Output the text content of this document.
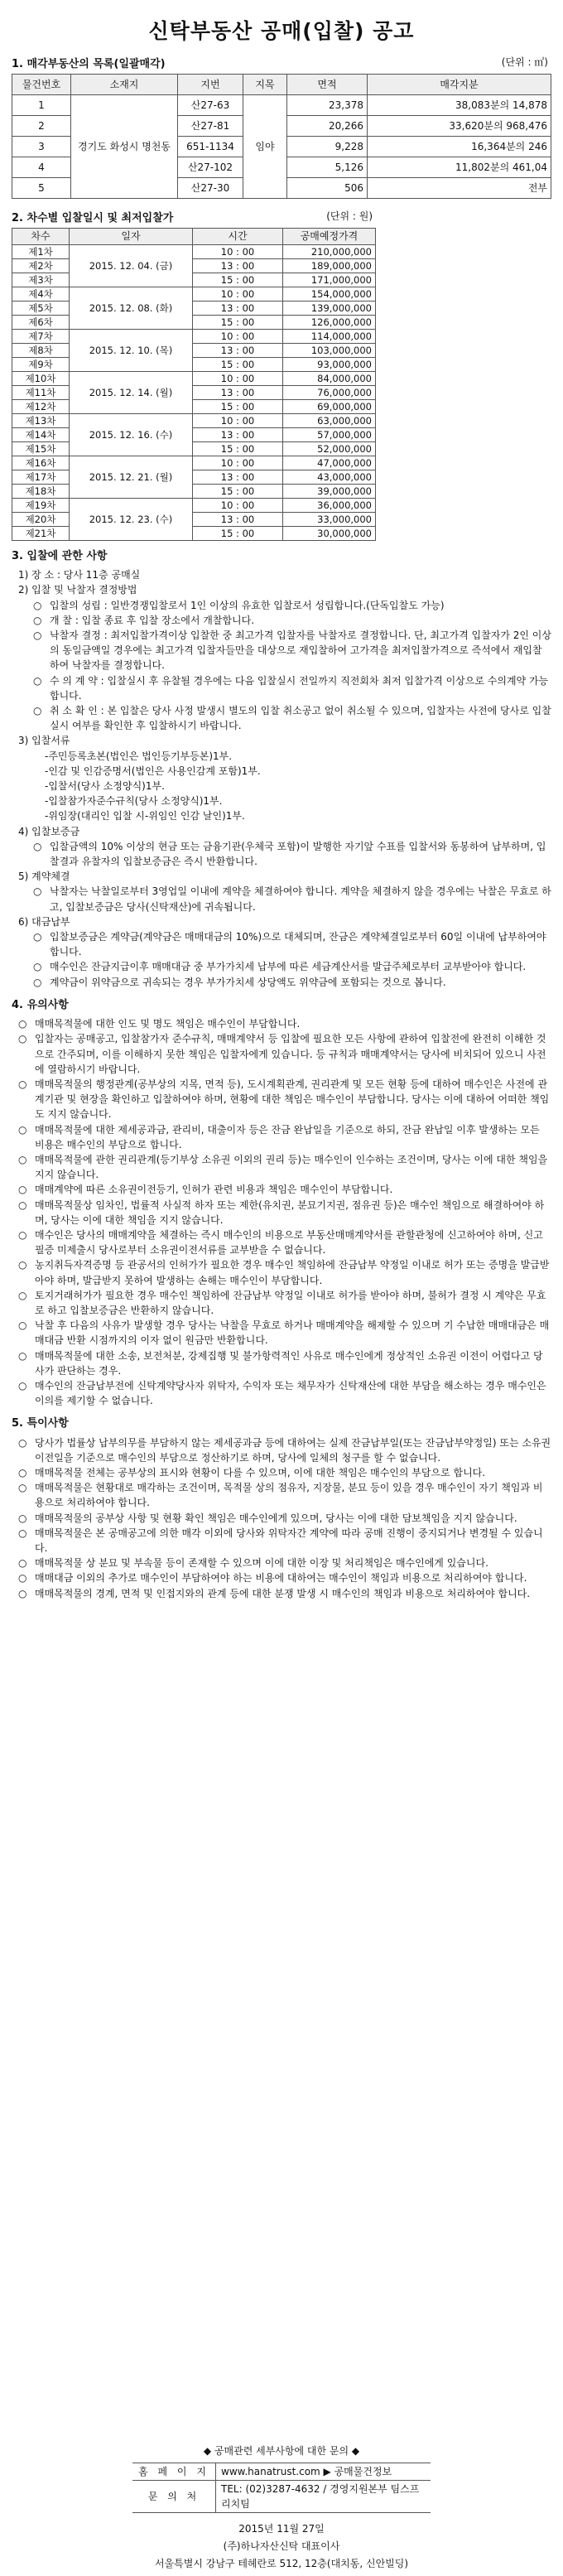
신탁부동산 공매(입찰) 공고
1. 매각부동산의 목록(일괄매각)	(단위 : ㎡)
물건번호	소재지	지번	지목	면적	매각지분
1	경기도 화성시 명천동	산27-63	임야	23,378	38,083분의 14,878
2		산27-81		20,266	33,620분의 968,476
3		651-1134		9,228	16,364분의 246
4		산27-102		5,126	11,802분의 461,04
5		산27-30		506	전부
2. 차수별 입찰일시 및 최저입찰가	(단위 : 원)
차수	일자	시간	공매예정가격
제1차	2015. 12. 04. (금)	10 : 00	210,000,000
제2차		13 : 00	189,000,000
제3차		15 : 00	171,000,000
제4차	2015. 12. 08. (화)	10 : 00	154,000,000
제5차		13 : 00	139,000,000
제6차		15 : 00	126,000,000
제7차	2015. 12. 10. (목)	10 : 00	114,000,000
제8차		13 : 00	103,000,000
제9차		15 : 00	93,000,000
제10차	2015. 12. 14. (월)	10 : 00	84,000,000
제11차		13 : 00	76,000,000
제12차		15 : 00	69,000,000
제13차	2015. 12. 16. (수)	10 : 00	63,000,000
제14차		13 : 00	57,000,000
제15차		15 : 00	52,000,000
제16차	2015. 12. 21. (월)	10 : 00	47,000,000
제17차		13 : 00	43,000,000
제18차		15 : 00	39,000,000
제19차	2015. 12. 23. (수)	10 : 00	36,000,000
제20차		13 : 00	33,000,000
제21차		15 : 00	30,000,000
3. 입찰에 관한 사항
1) 장 소 : 당사 11층 공매실
2) 입찰 및 낙찰자 결정방법
○ 입찰의 성립 : 일반경쟁입찰로서 1인 이상의 유효한 입찰로서 성립합니다.(단독입찰도 가능)
○ 개 찰 : 입찰 종료 후 입찰 장소에서 개찰합니다.
○ 낙찰자 결정 : 최저입찰가격이상 입찰한 중 최고가격 입찰자를 낙찰자로 결정합니다. 단, 최고가격 입찰자가 2인 이상의 동일금액일 경우에는 최고가격 입찰자들만을 대상으로 재입찰하여 고가격을 최저입찰가격으로 즉석에서 재입찰하여 낙찰자를 결정합니다.
○ 수 의 계 약 : 입찰실시 후 유찰될 경우에는 다음 입찰실시 전일까지 직전회차 최저 입찰가격 이상으로 수의계약 가능합니다.
○ 취 소 확 인 : 본 입찰은 당사 사정 발생시 별도의 입찰 취소공고 없이 취소될 수 있으며, 입찰자는 사전에 당사로 입찰 실시 여부를 확인한 후 입찰하시기 바랍니다.
3) 입찰서류
- 주민등록초본(법인은 법인등기부등본) 1부.
- 인감 및 인감증명서(법인은 사용인감계 포함) 1부.
- 입찰서(당사 소정양식) 1부.
- 입찰참가자준수규칙(당사 소정양식) 1부.
- 위임장(대리인 입찰 시-위임인 인감 날인) 1부.
4) 입찰보증금
○ 입찰금액의 10% 이상의 현금 또는 금융기관(우체국 포함)이 발행한 자기앞 수표를 입찰서와 동봉하여 납부하며, 입찰결과 유찰자의 입찰보증금은 즉시 반환합니다.
5) 계약체결
○ 낙찰자는 낙찰일로부터 3영업일 이내에 계약을 체결하여야 합니다. 계약을 체결하지 않을 경우에는 낙찰은 무효로 하고, 입찰보증금은 당사(신탁재산)에 귀속됩니다.
6) 대금납부
○ 입찰보증금은 계약금(계약금은 매매대금의 10%)으로 대체되며, 잔금은 계약체결일로부터 60일 이내에 납부하여야 합니다.
○ 매수인은 잔금지급이후 매매대금 중 부가가치세 납부에 따른 세금계산서를 발급주체로부터 교부받아야 합니다.
○ 계약금이 위약금으로 귀속되는 경우 부가가치세 상당액도 위약금에 포함되는 것으로 봅니다.
4. 유의사항
○ 매매목적물에 대한 인도 및 명도 책임은 매수인이 부담합니다.
○ 입찰자는 공매공고, 입찰참가자 준수규칙, 매매계약서 등 입찰에 필요한 모든 사항에 관하여 입찰전에 완전히 이해한 것으로 간주되며, 이를 이해하지 못한 책임은 입찰자에게 있습니다. 등 규칙과 매매계약서는 당사에 비치되어 있으니 사전에 열람하시기 바랍니다.
○ 매매목적물의 행정관계(공부상의 지목, 면적 등), 도시계획관계, 권리관계 및 모든 현황 등에 대하여 매수인은 사전에 관계기관 및 현장을 확인하고 입찰하여야 하며, 현황에 대한 책임은 매수인이 부담합니다. 당사는 이에 대하여 어떠한 책임도 지지 않습니다.
○ 매매목적물에 대한 제세공과금, 관리비, 대출이자 등은 잔금 완납일을 기준으로 하되, 잔금 완납일 이후 발생하는 모든 비용은 매수인의 부담으로 합니다.
○ 매매목적물에 관한 권리관계(등기부상 소유권 이외의 권리 등)는 매수인이 인수하는 조건이며, 당사는 이에 대한 책임을 지지 않습니다.
○ 매매계약에 따른 소유권이전등기, 인허가 관련 비용과 책임은 매수인이 부담합니다.
○ 매매목적물상 임차인, 법률적 사실적 하자 또는 제한(유치권, 분묘기지권, 점유권 등)은 매수인 책임으로 해결하여야 하며, 당사는 이에 대한 책임을 지지 않습니다.
○ 매수인은 당사의 매매계약을 체결하는 즉시 매수인의 비용으로 부동산매매계약서를 관할관청에 신고하여야 하며, 신고필증 미제출시 당사로부터 소유권이전서류를 교부받을 수 없습니다.
○ 농지취득자격증명 등 관공서의 인허가가 필요한 경우 매수인 책임하에 잔금납부 약정일 이내로 허가 또는 증명을 발급받아야 하며, 발급받지 못하여 발생하는 손해는 매수인이 부담합니다.
○ 토지거래허가가 필요한 경우 매수인 책임하에 잔금납부 약정일 이내로 허가를 받아야 하며, 불허가 결정 시 계약은 무효로 하고 입찰보증금은 반환하지 않습니다.
○ 낙찰 후 다음의 사유가 발생할 경우 당사는 낙찰을 무효로 하거나 매매계약을 해제할 수 있으며 기 수납한 매매대금은 매매대금 반환 시점까지의 이자 없이 원금만 반환합니다.
○ 매매목적물에 대한 소송, 보전처분, 강제집행 및 불가항력적인 사유로 매수인에게 정상적인 소유권 이전이 어렵다고 당사가 판단하는 경우.
○ 매수인의 잔금납부전에 신탁계약당사자 위탁자, 수익자 또는 채무자가 신탁재산에 대한 부담을 해소하는 경우 매수인은 이의를 제기할 수 없습니다.
5. 특이사항
○ 당사가 법률상 납부의무를 부담하지 않는 제세공과금 등에 대하여는 실제 잔금납부일(또는 잔금납부약정일) 또는 소유권이전일을 기준으로 매수인의 부담으로 정산하기로 하며, 당사에 일체의 청구를 할 수 없습니다.
○ 매매목적물 전체는 공부상의 표시와 현황이 다를 수 있으며, 이에 대한 책임은 매수인의 부담으로 합니다.
○ 매매목적물은 현황대로 매각하는 조건이며, 목적물 상의 점유자, 지장물, 분묘 등이 있을 경우 매수인이 자기 책임과 비용으로 처리하여야 합니다.
○ 매매목적물의 공부상 사항 및 현황 확인 책임은 매수인에게 있으며, 당사는 이에 대한 담보책임을 지지 않습니다.
○ 매매목적물은 본 공매공고에 의한 매각 이외에 당사와 위탁자간 계약에 따라 공매 진행이 중지되거나 변경될 수 있습니다.
○ 매매목적물 상 분묘 및 부속물 등이 존재할 수 있으며 이에 대한 이장 및 처리책임은 매수인에게 있습니다.
○ 매매대금 이외의 추가로 매수인이 부담하여야 하는 비용에 대하여는 매수인이 책임과 비용으로 처리하여야 합니다.
○ 매매목적물의 경계, 면적 및 인접지와의 관계 등에 대한 분쟁 발생 시 매수인의 책임과 비용으로 처리하여야 합니다.
◆ 공매관련 세부사항에 대한 문의 ◆
홈 페 이 지	www.hanatrust.com ▶ 공매물건정보
문 의 처	TEL: (02)3287-4632 / 경영지원본부 팀스프리치팀
2015년 11월 27일
(주)하나자산신탁 대표이사
서울특별시 강남구 테헤란로 512, 12층(대치동, 신안빌딩)
